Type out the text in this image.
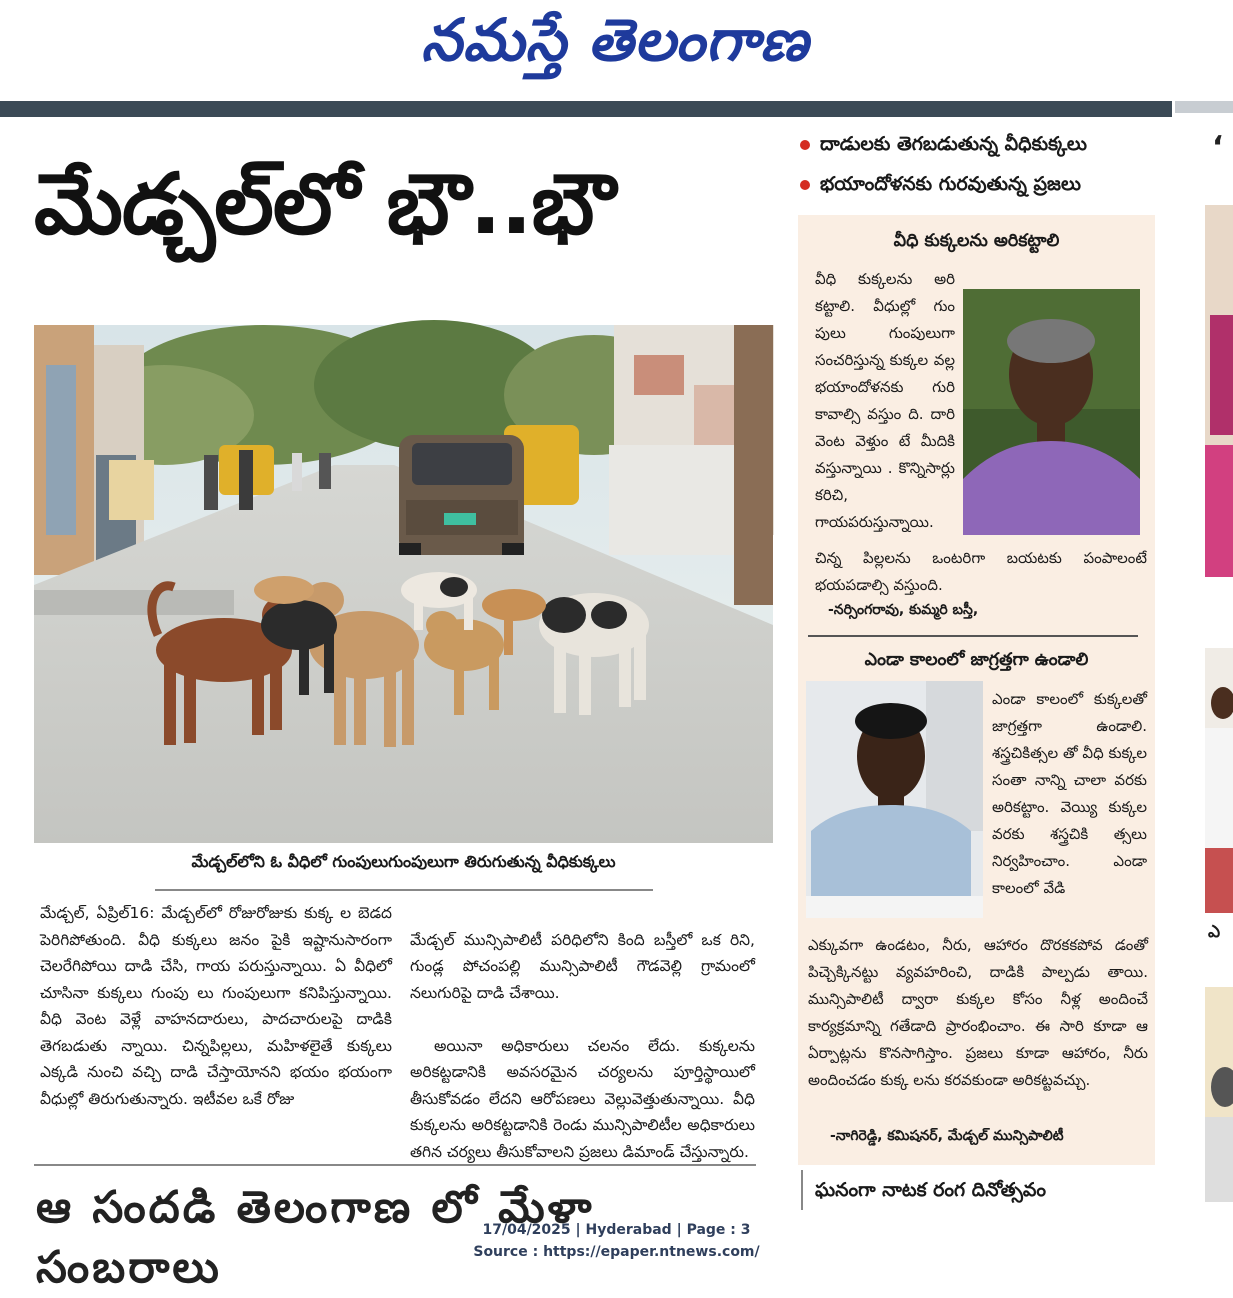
నమస్తే తెలంగాణ
మేడ్చల్‌లో భౌ..భౌ
దాడులకు తెగబడుతున్న వీధికుక్కలు
భయాందోళనకు గురవుతున్న ప్రజలు
మేడ్చల్‌లోని ఓ వీధిలో గుంపులుగుంపులుగా తిరుగుతున్న వీధికుక్కలు
మేడ్చల్, ఏప్రిల్16: మేడ్చల్‌లో రోజురోజుకు కుక్క ల బెడద పెరిగిపోతుంది. వీధి కుక్కలు జనం పైకి ఇష్టానుసారంగా చెలరేగిపోయి దాడి చేసి, గాయ పరుస్తున్నాయి. ఏ వీధిలో చూసినా కుక్కలు గుంపు లు గుంపులుగా కనిపిస్తున్నాయి. వీధి వెంట వెళ్లే వాహనదారులు, పాదచారులపై దాడికి తెగబడుతు న్నాయి. చిన్నపిల్లలు, మహిళలైతే కుక్కలు ఎక్కడి నుంచి వచ్చి దాడి చేస్తాయోనని భయం భయంగా వీధుల్లో తిరుగుతున్నారు. ఇటీవల ఒకే రోజు

మేడ్చల్ మున్సిపాలిటీ పరిధిలోని కింది బస్తీలో ఒక రిని, గుండ్ల పోచంపల్లి మున్సిపాలిటీ గౌడవెల్లి గ్రామంలో నలుగురిపై దాడి చేశాయి.

అయినా అధికారులు చలనం లేదు. కుక్కలను అరికట్టడానికి అవసరమైన చర్యలను పూర్తిస్థాయిలో తీసుకోవడం లేదని ఆరోపణలు వెల్లువెత్తుతున్నాయి. వీధి కుక్కలను అరికట్టడానికి రెండు మున్సిపాలిటీల అధికారులు తగిన చర్యలు తీసుకోవాలని ప్రజలు డిమాండ్ చేస్తున్నారు.

వీధి కుక్కలను అరికట్టాలి
వీధి కుక్కలను అరి కట్టాలి. వీధుల్లో గుం పులు గుంపులుగా సంచరిస్తున్న కుక్కల వల్ల భయాందోళనకు గురి కావాల్సి వస్తుం ది. దారి వెంట వెళ్తుం టే మీదికి వస్తున్నాయి . కొన్నిసార్లు కరిచి, గాయపరుస్తున్నాయి.
చిన్న పిల్లలను ఒంటరిగా బయటకు పంపాలంటే భయపడాల్సి వస్తుంది.
-నర్సింగరావు, కుమ్మరి బస్తీ,
ఎండా కాలంలో జాగ్రత్తగా ఉండాలి
ఎండా కాలంలో కుక్కలతో జాగ్రత్తగా ఉండాలి. శస్త్రచికిత్సల తో వీధి కుక్కల సంతా నాన్ని చాలా వరకు అరికట్టాం. వెయ్యి కుక్కల వరకు శస్త్రచికి త్సలు నిర్వహించాం. ఎండా కాలంలో వేడి
ఎక్కువగా ఉండటం, నీరు, ఆహారం దొరకకపోవ డంతో పిచ్చెక్కినట్టు వ్యవహరించి, దాడికి పాల్పడు తాయి. మున్సిపాలిటీ ద్వారా కుక్కల కోసం నీళ్ల అందించే కార్యక్రమాన్ని గతేడాది ప్రారంభించాం. ఈ సారి కూడా ఆ ఏర్పాట్లను కొనసాగిస్తాం. ప్రజలు కూడా ఆహారం, నీరు అందించడం కుక్క లను కరవకుండా అరికట్టవచ్చు.
-నాగిరెడ్డి, కమిషనర్, మేడ్చల్ మున్సిపాలిటీ
ఆ సందడి తెలంగాణ లో మేళా సంబరాలు
ఘనంగా నాటక రంగ దినోత్సవం
‘
ఎ
17/04/2025 | Hyderabad | Page : 3
Source : https://epaper.ntnews.com/
